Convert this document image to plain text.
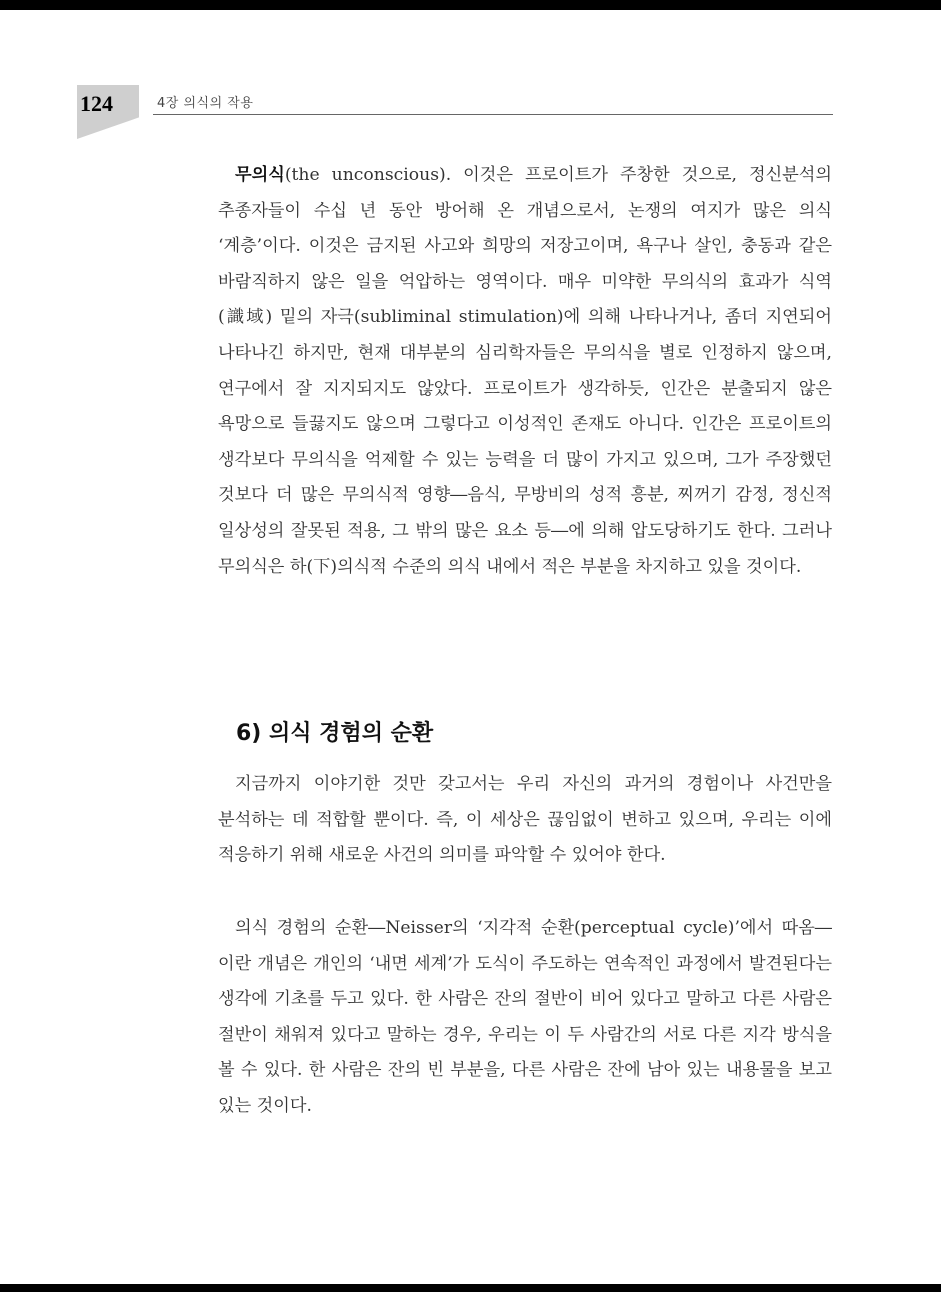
124	4장 의식의 작용

무의식(the unconscious). 이것은 프로이트가 주창한 것으로, 정신분석의 추종자들이 수십 년 동안 방어해 온 개념으로서, 논쟁의 여지가 많은 의식 ‘계층’이다. 이것은 금지된 사고와 희망의 저장고이며, 욕구나 살인, 충동과 같은 바람직하지 않은 일을 억압하는 영역이다. 매우 미약한 무의식의 효과가 식역(識域) 밑의 자극(subliminal stimulation)에 의해 나타나거나, 좀더 지연되어 나타나긴 하지만, 현재 대부분의 심리학자들은 무의식을 별로 인정하지 않으며, 연구에서 잘 지지되지도 않았다. 프로이트가 생각하듯, 인간은 분출되지 않은 욕망으로 들끓지도 않으며 그렇다고 이성적인 존재도 아니다. 인간은 프로이트의 생각보다 무의식을 억제할 수 있는 능력을 더 많이 가지고 있으며, 그가 주장했던 것보다 더 많은 무의식적 영향―음식, 무방비의 성적 흥분, 찌꺼기 감정, 정신적 일상성의 잘못된 적용, 그 밖의 많은 요소 등―에 의해 압도당하기도 한다. 그러나 무의식은 하(下)의식적 수준의 의식 내에서 적은 부분을 차지하고 있을 것이다.

6) 의식 경험의 순환

지금까지 이야기한 것만 갖고서는 우리 자신의 과거의 경험이나 사건만을 분석하는 데 적합할 뿐이다. 즉, 이 세상은 끊임없이 변하고 있으며, 우리는 이에 적응하기 위해 새로운 사건의 의미를 파악할 수 있어야 한다.

의식 경험의 순환―Neisser의 ‘지각적 순환(perceptual cycle)’에서 따옴―이란 개념은 개인의 ‘내면 세계’가 도식이 주도하는 연속적인 과정에서 발견된다는 생각에 기초를 두고 있다. 한 사람은 잔의 절반이 비어 있다고 말하고 다른 사람은 절반이 채워져 있다고 말하는 경우, 우리는 이 두 사람간의 서로 다른 지각 방식을 볼 수 있다. 한 사람은 잔의 빈 부분을, 다른 사람은 잔에 남아 있는 내용물을 보고 있는 것이다.
